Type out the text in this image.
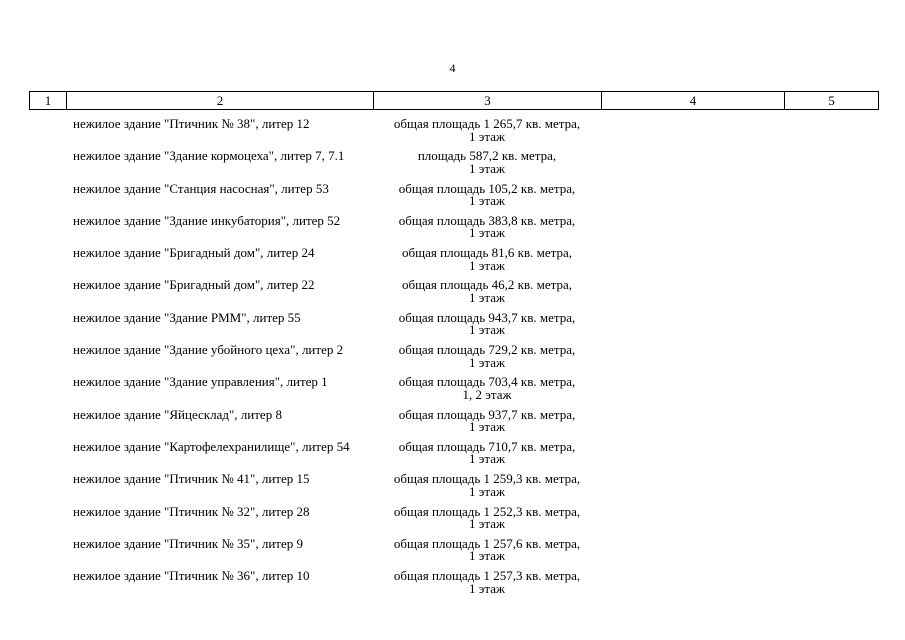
4
1	2	3	4	5
нежилое здание "Птичник № 38", литер 12	общая площадь 1 265,7 кв. метра,
1 этаж
нежилое здание "Здание кормоцеха", литер 7, 7.1	площадь 587,2 кв. метра,
1 этаж
нежилое здание "Станция насосная", литер 53	общая площадь 105,2 кв. метра,
1 этаж
нежилое здание "Здание инкубатория", литер 52	общая площадь 383,8 кв. метра,
1 этаж
нежилое здание "Бригадный дом", литер 24	общая площадь 81,6 кв. метра,
1 этаж
нежилое здание "Бригадный дом", литер 22	общая площадь 46,2 кв. метра,
1 этаж
нежилое здание "Здание РММ", литер 55	общая площадь 943,7 кв. метра,
1 этаж
нежилое здание "Здание убойного цеха", литер 2	общая площадь 729,2 кв. метра,
1 этаж
нежилое здание "Здание управления", литер 1	общая площадь 703,4 кв. метра,
1, 2 этаж
нежилое здание "Яйцесклад", литер 8	общая площадь 937,7 кв. метра,
1 этаж
нежилое здание "Картофелехранилище", литер 54	общая площадь 710,7 кв. метра,
1 этаж
нежилое здание "Птичник № 41", литер 15	общая площадь 1 259,3 кв. метра,
1 этаж
нежилое здание "Птичник № 32", литер 28	общая площадь 1 252,3 кв. метра,
1 этаж
нежилое здание "Птичник № 35", литер 9	общая площадь 1 257,6 кв. метра,
1 этаж
нежилое здание "Птичник № 36", литер 10	общая площадь 1 257,3 кв. метра,
1 этаж
